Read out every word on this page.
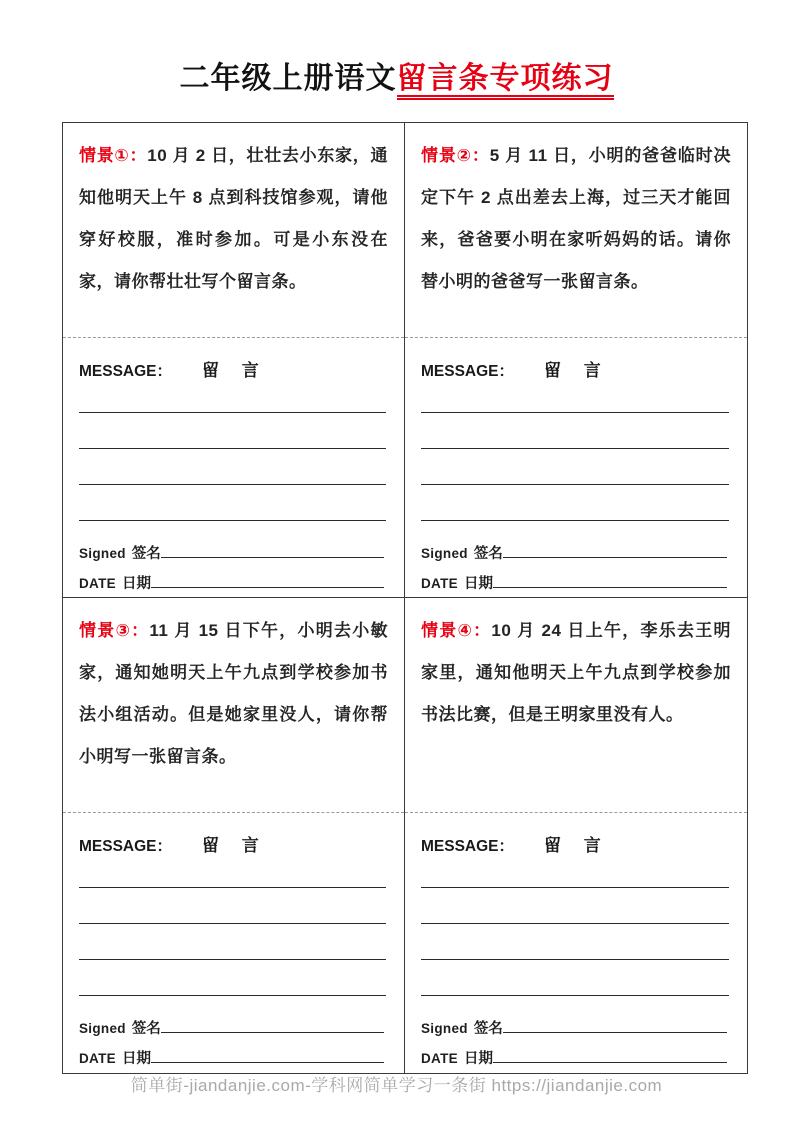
二年级上册语文留言条专项练习

情景①：10 月 2 日，壮壮去小东家，通知他明天上午 8 点到科技馆参观，请他穿好校服，准时参加。可是小东没在家，请你帮壮壮写个留言条。

MESSAGE： 留 言
Signed 签名
DATE 日期

情景②：5 月 11 日，小明的爸爸临时决定下午 2 点出差去上海，过三天才能回来，爸爸要小明在家听妈妈的话。请你替小明的爸爸写一张留言条。

MESSAGE： 留 言
Signed 签名
DATE 日期

情景③：11 月 15 日下午，小明去小敏家，通知她明天上午九点到学校参加书法小组活动。但是她家里没人，请你帮小明写一张留言条。

MESSAGE： 留 言
Signed 签名
DATE 日期

情景④：10 月 24 日上午，李乐去王明家里，通知他明天上午九点到学校参加书法比赛，但是王明家里没有人。

MESSAGE： 留 言
Signed 签名
DATE 日期
简单街-jiandanjie.com-学科网简单学习一条街 https://jiandanjie.com
